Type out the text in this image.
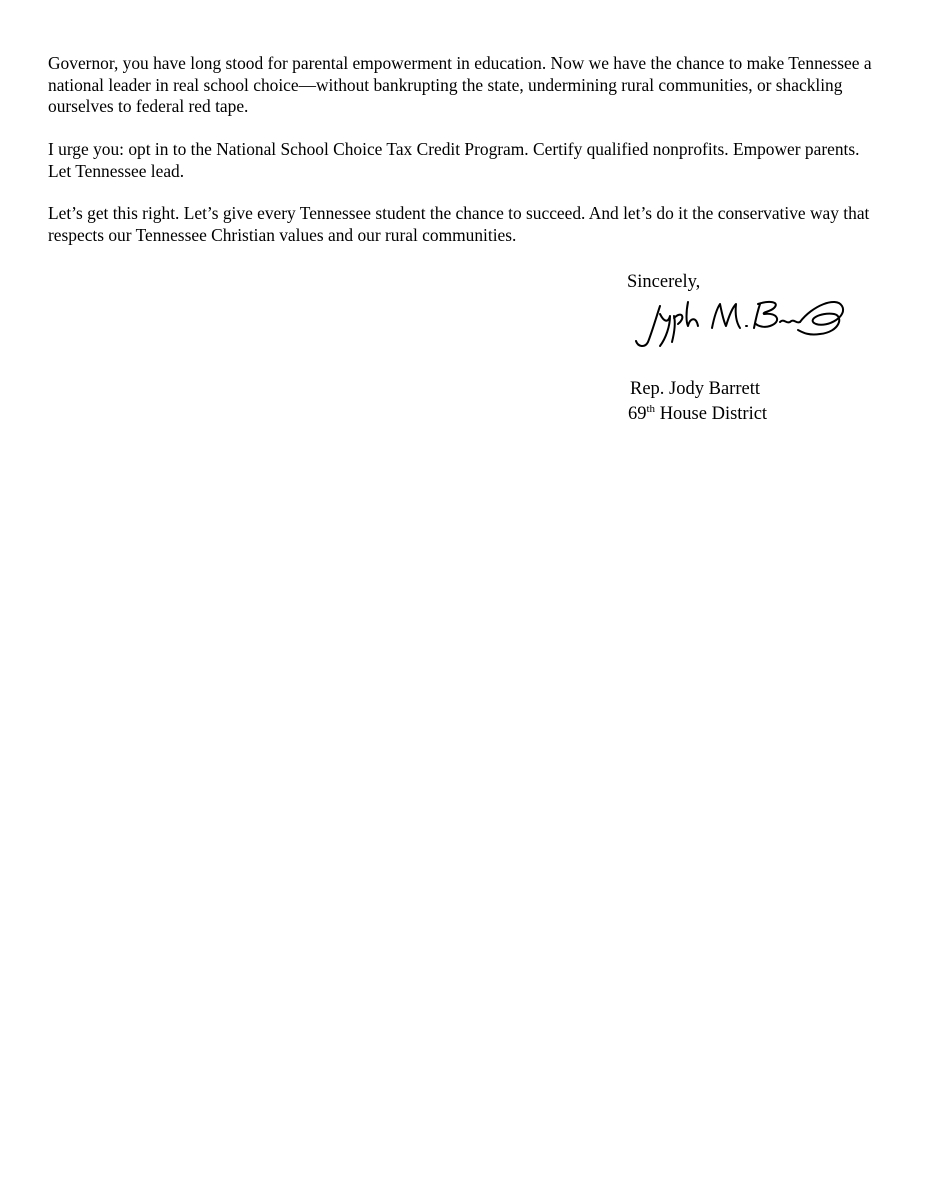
Governor, you have long stood for parental empowerment in education. Now we have the chance to make Tennessee a national leader in real school choice—without bankrupting the state, undermining rural communities, or shackling ourselves to federal red tape.

I urge you: opt in to the National School Choice Tax Credit Program. Certify qualified nonprofits. Empower parents. Let Tennessee lead.

Let’s get this right. Let’s give every Tennessee student the chance to succeed. And let’s do it the conservative way that respects our Tennessee Christian values and our rural communities.

Sincerely,

Rep. Jody Barrett

69th House District
